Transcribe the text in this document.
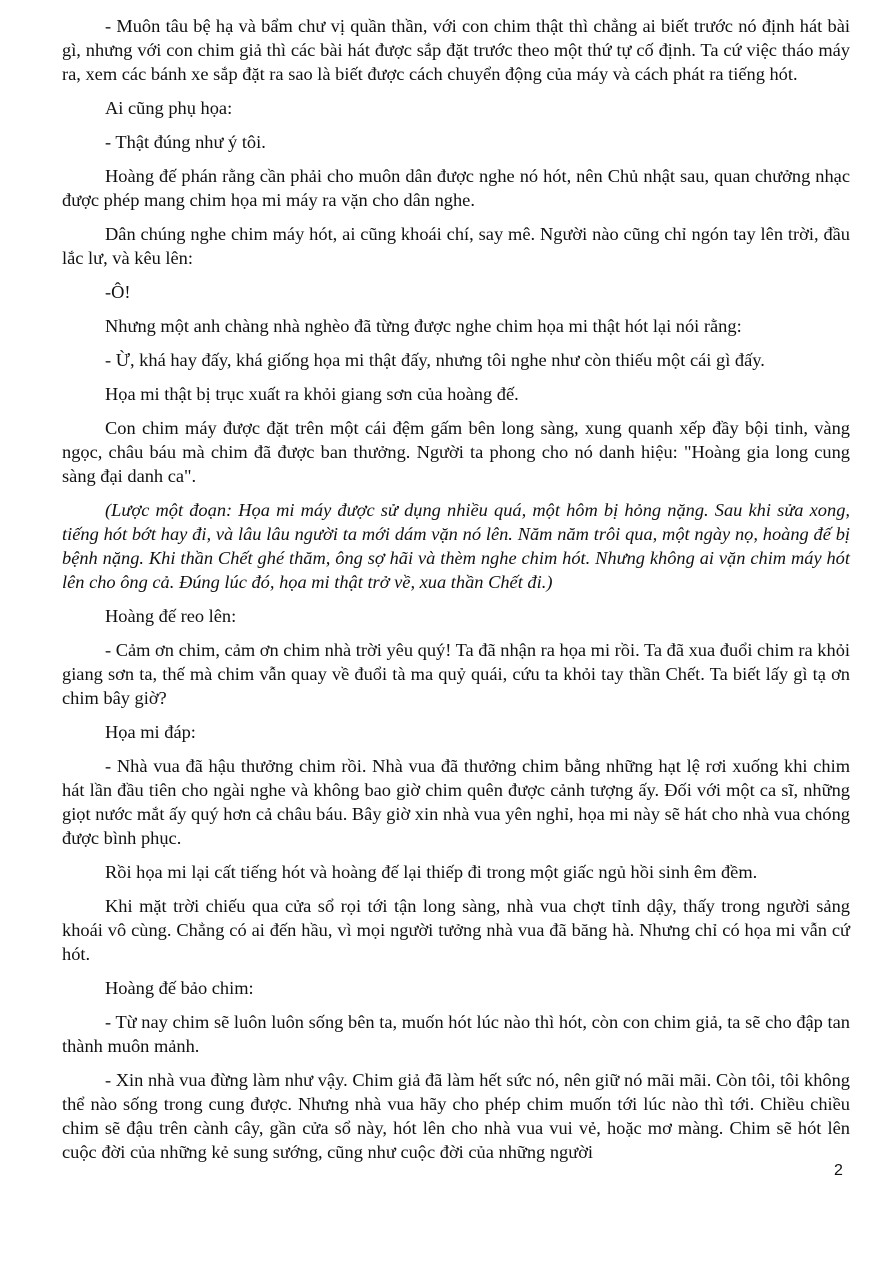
- Muôn tâu bệ hạ và bẩm chư vị quần thần, với con chim thật thì chẳng ai biết trước nó định hát bài gì, nhưng với con chim giả thì các bài hát được sắp đặt trước theo một thứ tự cố định. Ta cứ việc tháo máy ra, xem các bánh xe sắp đặt ra sao là biết được cách chuyển động của máy và cách phát ra tiếng hót.

Ai cũng phụ họa:

- Thật đúng như ý tôi.

Hoàng đế phán rằng cần phải cho muôn dân được nghe nó hót, nên Chủ nhật sau, quan chưởng nhạc được phép mang chim họa mi máy ra vặn cho dân nghe.

Dân chúng nghe chim máy hót, ai cũng khoái chí, say mê. Người nào cũng chỉ ngón tay lên trời, đầu lắc lư, và kêu lên:

-Ô!

Nhưng một anh chàng nhà nghèo đã từng được nghe chim họa mi thật hót lại nói rằng:

- Ừ, khá hay đấy, khá giống họa mi thật đấy, nhưng tôi nghe như còn thiếu một cái gì đấy.

Họa mi thật bị trục xuất ra khỏi giang sơn của hoàng đế.

Con chim máy được đặt trên một cái đệm gấm bên long sàng, xung quanh xếp đầy bội tinh, vàng ngọc, châu báu mà chim đã được ban thưởng. Người ta phong cho nó danh hiệu: "Hoàng gia long cung sàng đại danh ca".

(Lược một đoạn: Họa mi máy được sử dụng nhiều quá, một hôm bị hỏng nặng. Sau khi sửa xong, tiếng hót bớt hay đi, và lâu lâu người ta mới dám vặn nó lên. Năm năm trôi qua, một ngày nọ, hoàng đế bị bệnh nặng. Khi thần Chết ghé thăm, ông sợ hãi và thèm nghe chim hót. Nhưng không ai vặn chim máy hót lên cho ông cả. Đúng lúc đó, họa mi thật trở về, xua thần Chết đi.)

Hoàng đế reo lên:

- Cảm ơn chim, cảm ơn chim nhà trời yêu quý! Ta đã nhận ra họa mi rồi. Ta đã xua đuổi chim ra khỏi giang sơn ta, thế mà chim vẫn quay về đuổi tà ma quỷ quái, cứu ta khỏi tay thần Chết. Ta biết lấy gì tạ ơn chim bây giờ?

Họa mi đáp:

- Nhà vua đã hậu thưởng chim rồi. Nhà vua đã thưởng chim bằng những hạt lệ rơi xuống khi chim hát lần đầu tiên cho ngài nghe và không bao giờ chim quên được cảnh tượng ấy. Đối với một ca sĩ, những giọt nước mắt ấy quý hơn cả châu báu. Bây giờ xin nhà vua yên nghỉ, họa mi này sẽ hát cho nhà vua chóng được bình phục.

Rồi họa mi lại cất tiếng hót và hoàng đế lại thiếp đi trong một giấc ngủ hồi sinh êm đềm.

Khi mặt trời chiếu qua cửa sổ rọi tới tận long sàng, nhà vua chợt tỉnh dậy, thấy trong người sảng khoái vô cùng. Chẳng có ai đến hầu, vì mọi người tưởng nhà vua đã băng hà. Nhưng chỉ có họa mi vẫn cứ hót.

Hoàng đế bảo chim:

- Từ nay chim sẽ luôn luôn sống bên ta, muốn hót lúc nào thì hót, còn con chim giả, ta sẽ cho đập tan thành muôn mảnh.

- Xin nhà vua đừng làm như vậy. Chim giả đã làm hết sức nó, nên giữ nó mãi mãi. Còn tôi, tôi không thể nào sống trong cung được. Nhưng nhà vua hãy cho phép chim muốn tới lúc nào thì tới. Chiều chiều chim sẽ đậu trên cành cây, gần cửa sổ này, hót lên cho nhà vua vui vẻ, hoặc mơ màng. Chim sẽ hót lên cuộc đời của những kẻ sung sướng, cũng như cuộc đời của những người

2
